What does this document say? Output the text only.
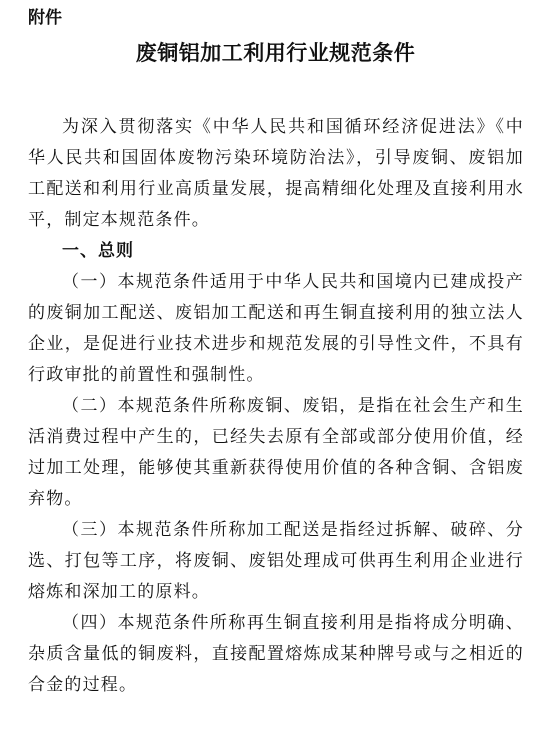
附件
废铜铝加工利用行业规范条件

为深入贯彻落实《中华人民共和国循环经济促进法》《中华人民共和国固体废物污染环境防治法》，引导废铜、废铝加工配送和利用行业高质量发展，提高精细化处理及直接利用水平，制定本规范条件。

一、总则

（一）本规范条件适用于中华人民共和国境内已建成投产的废铜加工配送、废铝加工配送和再生铜直接利用的独立法人企业，是促进行业技术进步和规范发展的引导性文件，不具有行政审批的前置性和强制性。

（二）本规范条件所称废铜、废铝，是指在社会生产和生活消费过程中产生的，已经失去原有全部或部分使用价值，经过加工处理，能够使其重新获得使用价值的各种含铜、含铝废弃物。

（三）本规范条件所称加工配送是指经过拆解、破碎、分选、打包等工序，将废铜、废铝处理成可供再生利用企业进行熔炼和深加工的原料。

（四）本规范条件所称再生铜直接利用是指将成分明确、杂质含量低的铜废料，直接配置熔炼成某种牌号或与之相近的合金的过程。
